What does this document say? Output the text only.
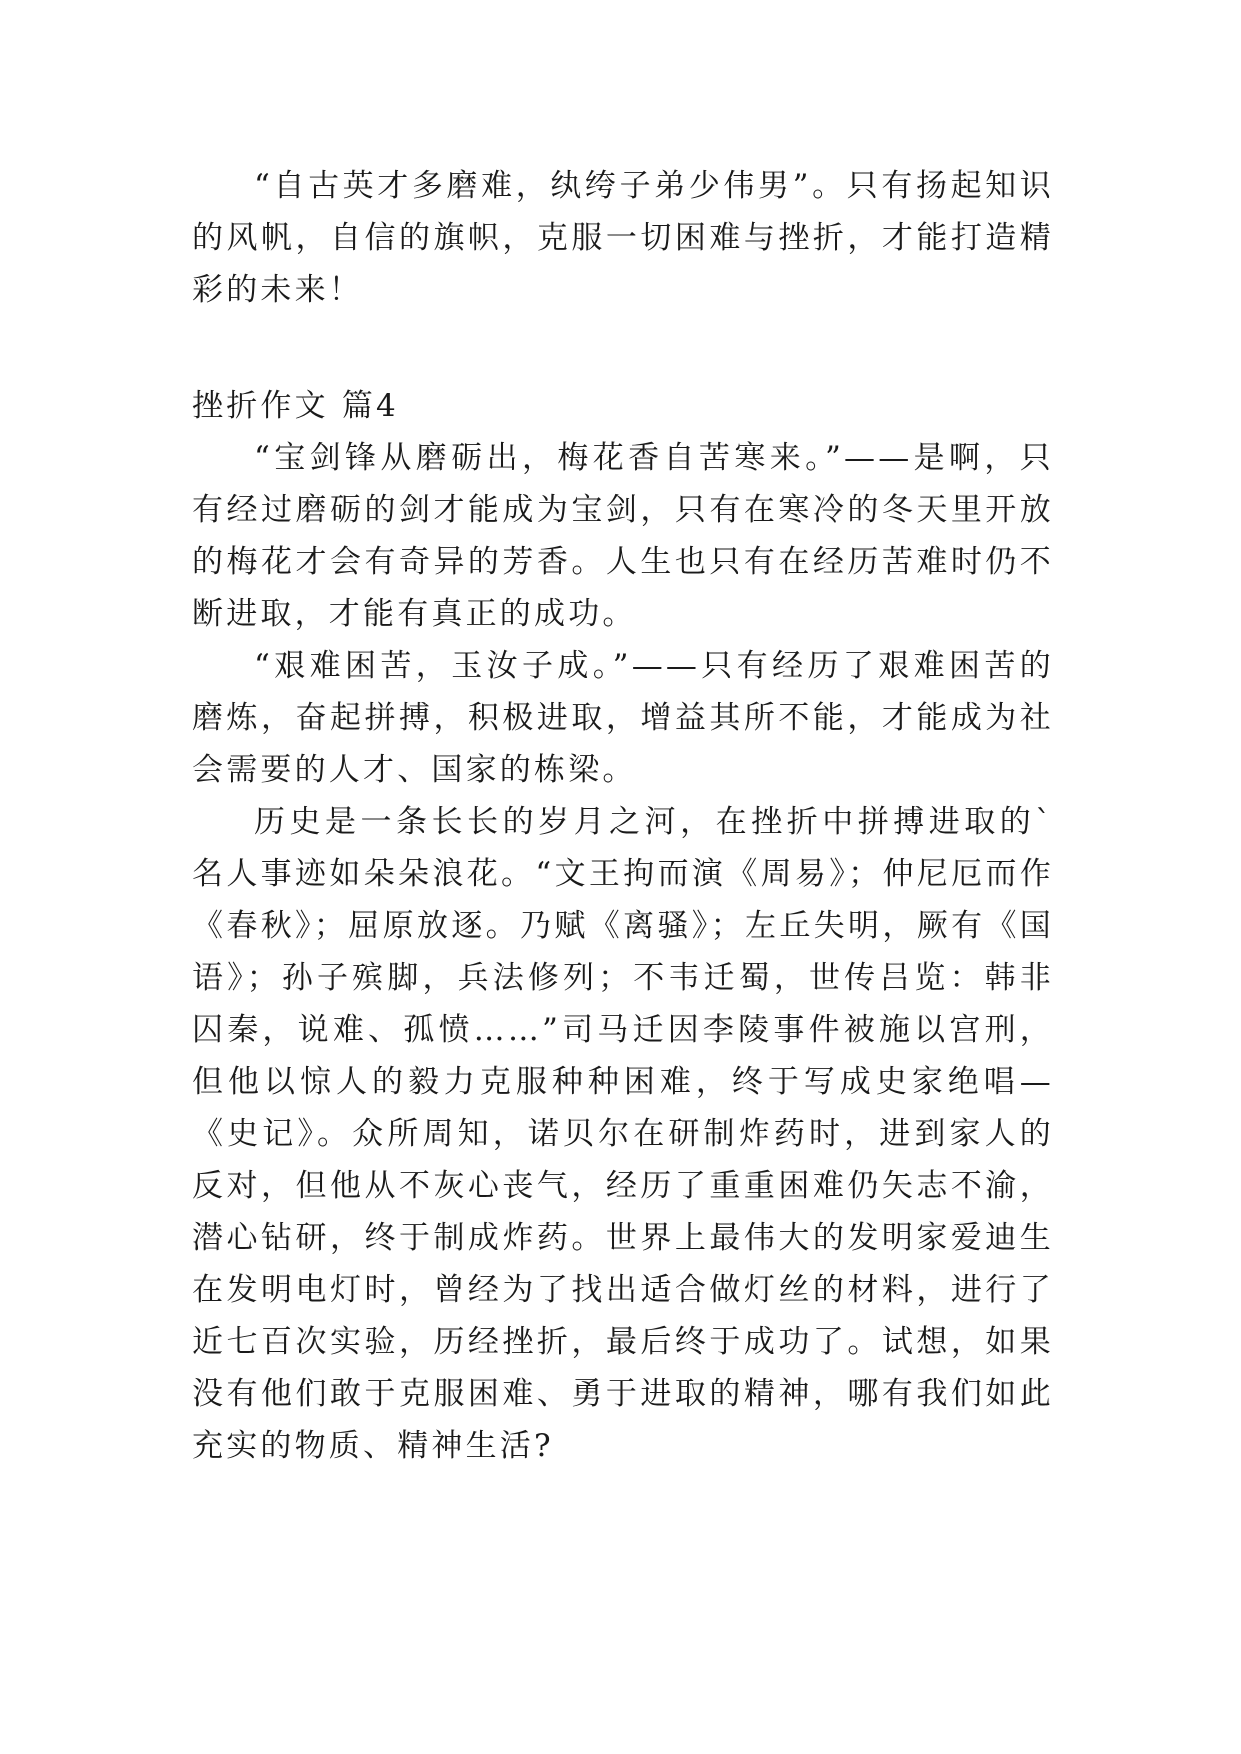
“自古英才多磨难，纨绔子弟少伟男”。只有扬起知识的风帆，自信的旗帜，克服一切困难与挫折，才能打造精彩的未来！

挫折作文 篇4

“宝剑锋从磨砺出，梅花香自苦寒来。”——是啊，只有经过磨砺的剑才能成为宝剑，只有在寒冷的冬天里开放的梅花才会有奇异的芳香。人生也只有在经历苦难时仍不断进取，才能有真正的成功。

“艰难困苦，玉汝子成。”——只有经历了艰难困苦的磨炼，奋起拼搏，积极进取，增益其所不能，才能成为社会需要的人才、国家的栋梁。

历史是一条长长的岁月之河，在挫折中拼搏进取的`名人事迹如朵朵浪花。“文王拘而演《周易》；仲尼厄而作《春秋》；屈原放逐。乃赋《离骚》；左丘失明，厥有《国语》；孙子殡脚，兵法修列；不韦迁蜀，世传吕览：韩非囚秦，说难、孤愤……”司马迁因李陵事件被施以宫刑，但他以惊人的毅力克服种种困难，终于写成史家绝唱—《史记》。众所周知，诺贝尔在研制炸药时，进到家人的反对，但他从不灰心丧气，经历了重重困难仍矢志不渝，潜心钻研，终于制成炸药。世界上最伟大的发明家爱迪生在发明电灯时，曾经为了找出适合做灯丝的材料，进行了近七百次实验，历经挫折，最后终于成功了。试想，如果没有他们敢于克服困难、勇于进取的精神，哪有我们如此充实的物质、精神生活?
